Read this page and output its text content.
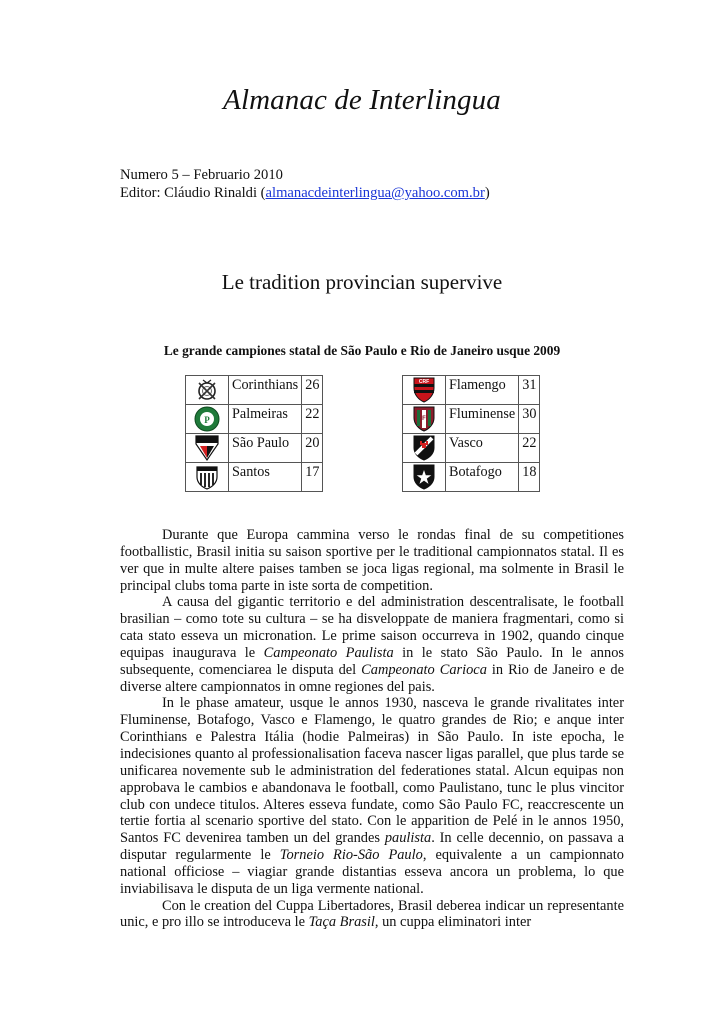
Almanac de Interlingua
Numero 5 – Februario 2010
Editor: Cláudio Rinaldi (almanacdeinterlingua@yahoo.com.br)
Le tradition provincian supervive
Le grande campiones statal de São Paulo e Rio de Janeiro usque 2009
	Corinthians	26

P	Palmeiras	22

	São Paulo	20

	Santos	17
CRF	Flamengo	31

F	Fluminense	30

	Vasco	22

	Botafogo	18

Durante que Europa cammina verso le rondas final de su competitiones footballistic, Brasil initia su saison sportive per le traditional campionnatos statal. Il es ver que in multe altere paises tamben se joca ligas regional, ma solmente in Brasil le principal clubs toma parte in iste sorta de competition.

A causa del gigantic territorio e del administration descentralisate, le football brasilian – como tote su cultura – se ha disveloppate de maniera fragmentari, como si cata stato esseva un micronation. Le prime saison occurreva in 1902, quando cinque equipas inaugurava le Campeonato Paulista in le stato São Paulo. In le annos subsequente, comenciarea le disputa del Campeonato Carioca in Rio de Janeiro e de diverse altere campionnatos in omne regiones del pais.

In le phase amateur, usque le annos 1930, nasceva le grande rivalitates inter Fluminense, Botafogo, Vasco e Flamengo, le quatro grandes de Rio; e anque inter Corinthians e Palestra Itália (hodie Palmeiras) in São Paulo. In iste epocha, le indecisiones quanto al professionalisation faceva nascer ligas parallel, que plus tarde se unificarea novemente sub le administration del federationes statal. Alcun equipas non approbava le cambios e abandonava le football, como Paulistano, tunc le plus vincitor club con undece titulos. Alteres esseva fundate, como São Paulo FC, reaccrescente un tertie fortia al scenario sportive del stato. Con le apparition de Pelé in le annos 1950, Santos FC devenirea tamben un del grandes paulista. In celle decennio, on passava a disputar regularmente le Torneio Rio-São Paulo, equivalente a un campionnato national officiose – viagiar grande distantias esseva ancora un problema, lo que inviabilisava le disputa de un liga vermente national.

Con le creation del Cuppa Libertadores, Brasil deberea indicar un representante unic, e pro illo se introduceva le Taça Brasil, un cuppa eliminatori inter
